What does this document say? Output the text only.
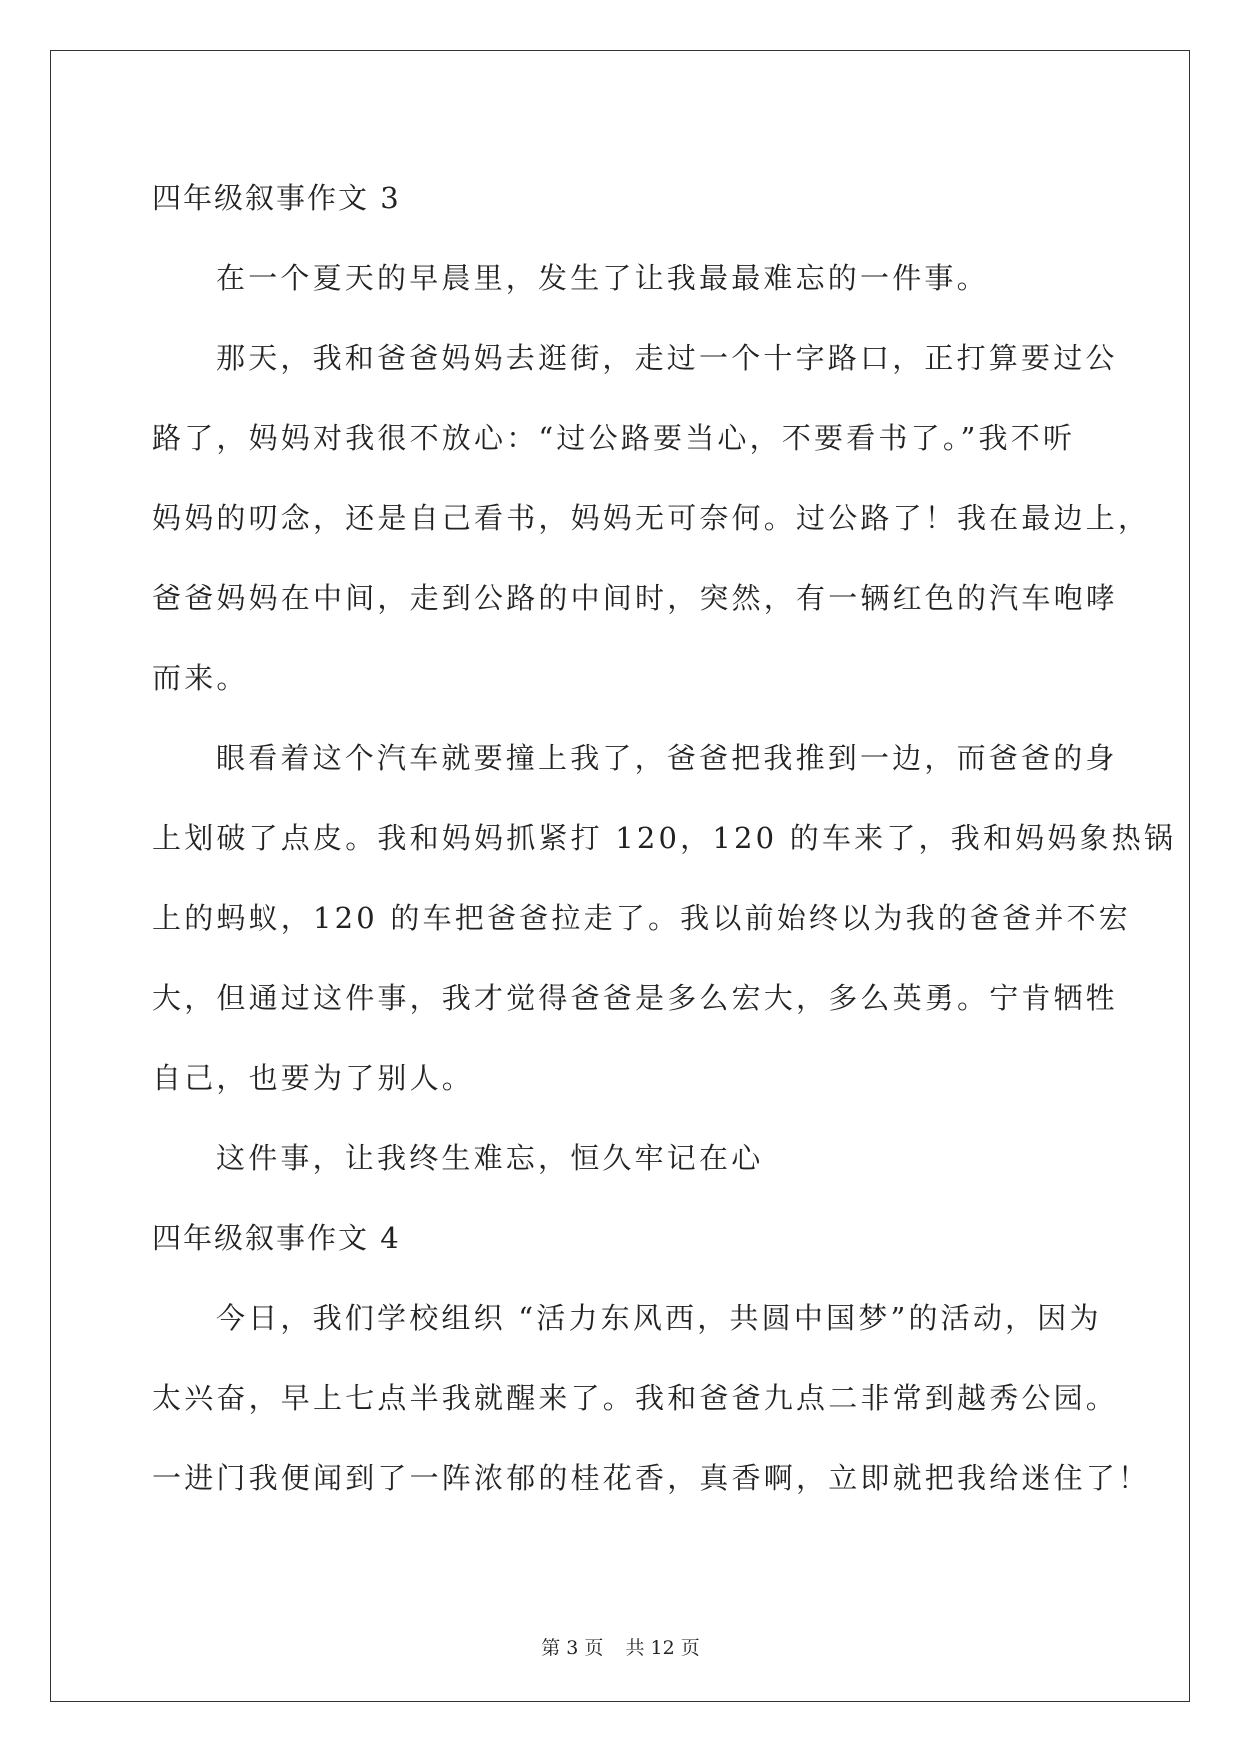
四年级叙事作文 3
在一个夏天的早晨里，发生了让我最最难忘的一件事。
那天，我和爸爸妈妈去逛街，走过一个十字路口，正打算要过公
路了，妈妈对我很不放心：“过公路要当心，不要看书了。”我不听
妈妈的叨念，还是自己看书，妈妈无可奈何。过公路了！我在最边上，
爸爸妈妈在中间，走到公路的中间时，突然，有一辆红色的汽车咆哮
而来。
眼看着这个汽车就要撞上我了，爸爸把我推到一边，而爸爸的身
上划破了点皮。我和妈妈抓紧打 120，120 的车来了，我和妈妈象热锅
上的蚂蚁，120 的车把爸爸拉走了。我以前始终以为我的爸爸并不宏
大，但通过这件事，我才觉得爸爸是多么宏大，多么英勇。宁肯牺牲
自己，也要为了别人。
这件事，让我终生难忘，恒久牢记在心
四年级叙事作文 4
今日，我们学校组织 “活力东风西，共圆中国梦”的活动，因为
太兴奋，早上七点半我就醒来了。我和爸爸九点二非常到越秀公园。
一进门我便闻到了一阵浓郁的桂花香，真香啊，立即就把我给迷住了！
第 3 页 共 12 页
